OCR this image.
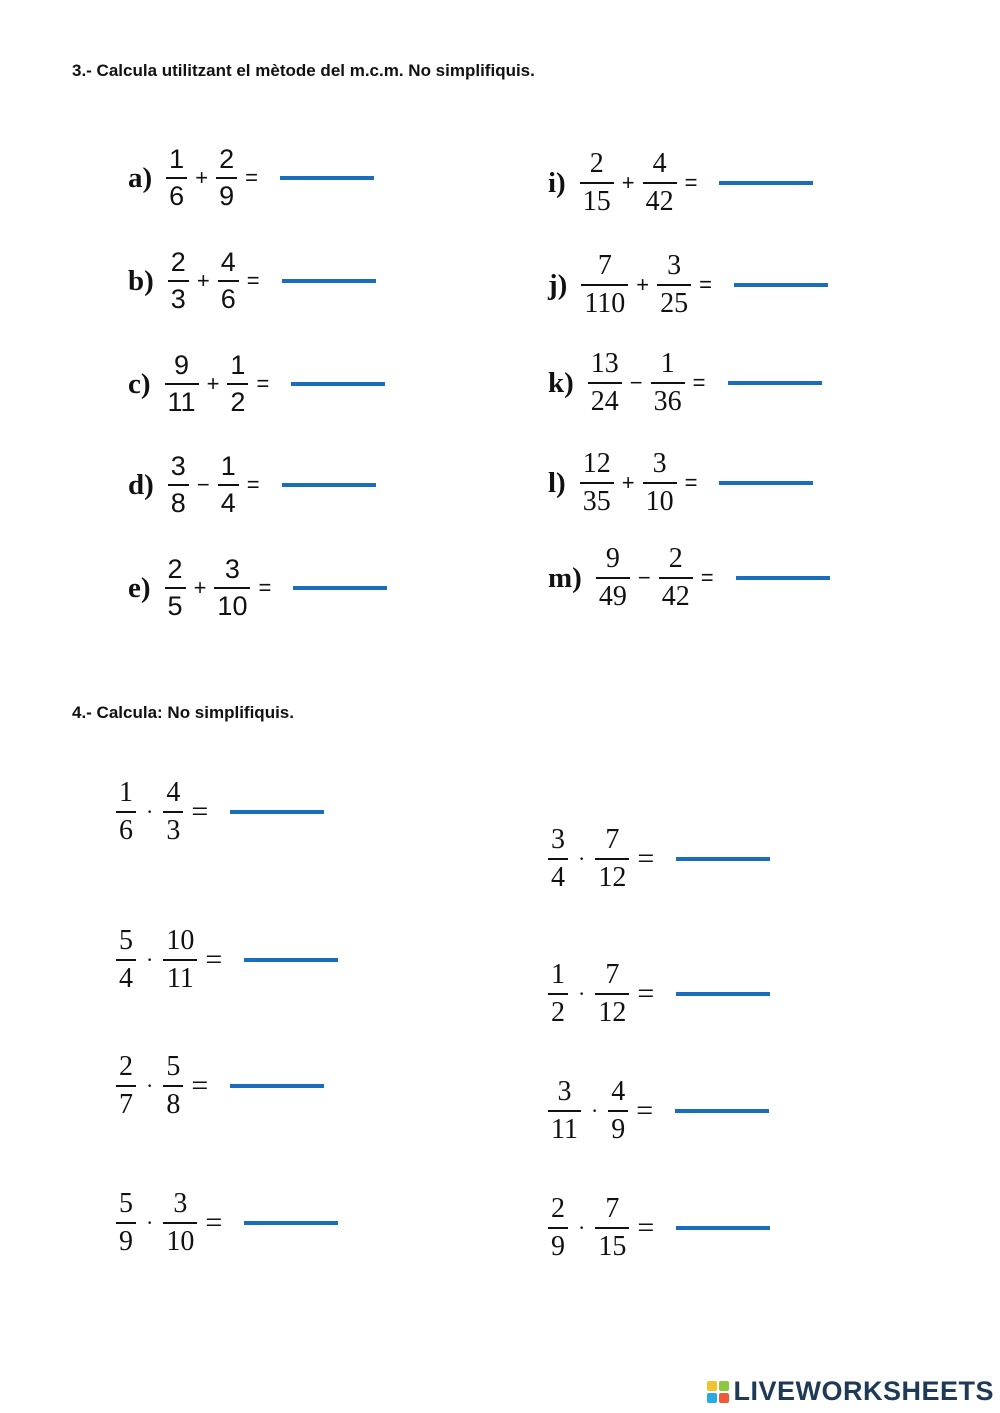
3.- Calcula utilitzant el mètode del m.c.m. No simplifiquis.
4.- Calcula: No simplifiquis.
$a) \frac{1}{6} + \frac{2}{9}$ =
$b) \frac{2}{3} + \frac{4}{6}$ =
$c) \frac{9}{11} + \frac{1}{2}$ =
$d) \frac{3}{8} - \frac{1}{4}$ =
$e) \frac{2}{5} + \frac{3}{10}$ =
$i) \frac{2}{15} + \frac{4}{42}$ =
$j) \frac{7}{110} + \frac{3}{25}$ =
$k) \frac{13}{24} - \frac{1}{36}$ =
$l) \frac{12}{35} + \frac{3}{10}$ =
$m) \frac{9}{49} - \frac{2}{42}$ =
$\frac{1}{6} \cdot \frac{4}{3}$ =
$\frac{5}{4} \cdot \frac{10}{11}$ =
$\frac{2}{7} \cdot \frac{5}{8}$ =
$\frac{5}{9} \cdot \frac{3}{10}$ =
$\frac{3}{4} \cdot \frac{7}{12}$ =
$\frac{1}{2} \cdot \frac{7}{12}$ =
$\frac{3}{11} \cdot \frac{4}{9}$ =
$\frac{2}{9} \cdot \frac{7}{15}$ =
LIVEWORKSHEETS
